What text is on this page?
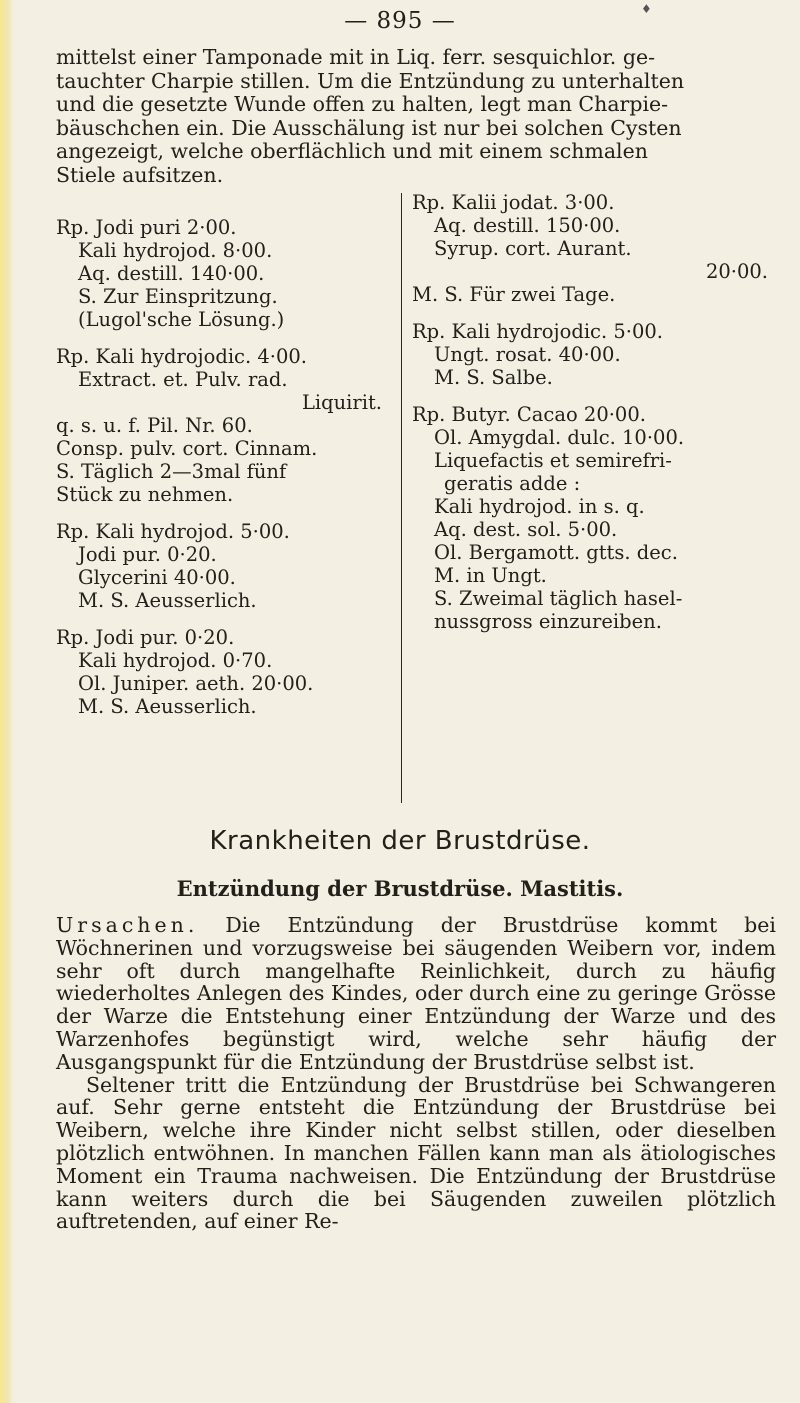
— 895 —	♦
mittelst einer Tamponade mit in Liq. ferr. sesquichlor. ge-
tauchter Charpie stillen. Um die Entzündung zu unterhalten
und die gesetzte Wunde offen zu halten, legt man Charpie-
bäuschchen ein. Die Ausschälung ist nur bei solchen Cysten
angezeigt, welche oberflächlich und mit einem schmalen
Stiele aufsitzen.
Rp. Jodi puri 2·00.
Kali hydrojod. 8·00.
Aq. destill. 140·00.
S. Zur Einspritzung.
(Lugol'sche Lösung.)
Rp. Kali hydrojodic. 4·00.
Extract. et. Pulv. rad.
Liquirit.
q. s. u. f. Pil. Nr. 60.
Consp. pulv. cort. Cinnam.
S. Täglich 2—3mal fünf
Stück zu nehmen.
Rp. Kali hydrojod. 5·00.
Jodi pur. 0·20.
Glycerini 40·00.
M. S. Aeusserlich.
Rp. Jodi pur. 0·20.
Kali hydrojod. 0·70.
Ol. Juniper. aeth. 20·00.
M. S. Aeusserlich.
Rp. Kalii jodat. 3·00.
Aq. destill. 150·00.
Syrup. cort. Aurant.
20·00.
M. S. Für zwei Tage.
Rp. Kali hydrojodic. 5·00.
Ungt. rosat. 40·00.
M. S. Salbe.
Rp. Butyr. Cacao 20·00.
Ol. Amygdal. dulc. 10·00.
Liquefactis et semirefri-
geratis adde :
Kali hydrojod. in s. q.
Aq. dest. sol. 5·00.
Ol. Bergamott. gtts. dec.
M. in Ungt.
S. Zweimal täglich hasel-
nussgross einzureiben.
Krankheiten der Brustdrüse.
Entzündung der Brustdrüse. Mastitis.

Ursachen. Die Entzündung der Brustdrüse kommt bei Wöchnerinen und vorzugsweise bei säugenden Weibern vor, indem sehr oft durch mangelhafte Reinlichkeit, durch zu häufig wiederholtes Anlegen des Kindes, oder durch eine zu geringe Grösse der Warze die Entstehung einer Entzündung der Warze und des Warzenhofes begünstigt wird, welche sehr häufig der Ausgangspunkt für die Entzündung der Brustdrüse selbst ist.

Seltener tritt die Entzündung der Brustdrüse bei Schwangeren auf. Sehr gerne entsteht die Entzündung der Brustdrüse bei Weibern, welche ihre Kinder nicht selbst stillen, oder dieselben plötzlich entwöhnen. In manchen Fällen kann man als ätiologisches Moment ein Trauma nachweisen. Die Entzündung der Brustdrüse kann weiters durch die bei Säugenden zuweilen plötzlich auftretenden, auf einer Re-
